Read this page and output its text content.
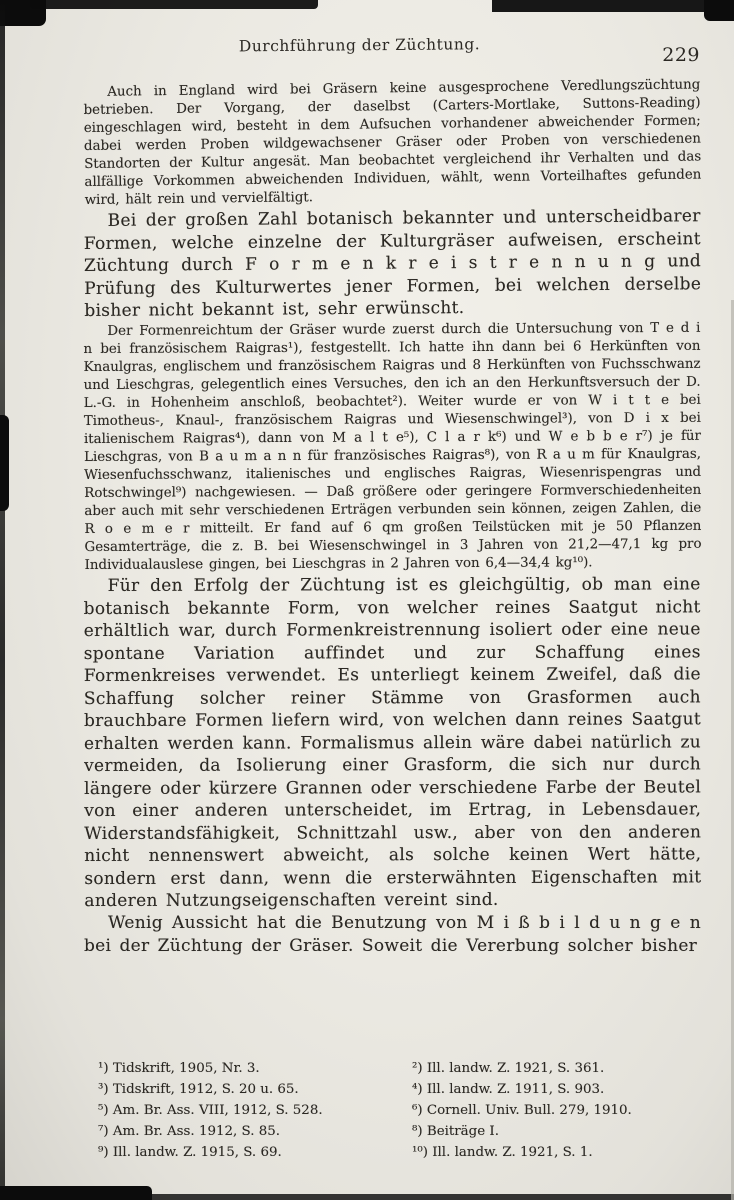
Durchführung der Züchtung.	229

Auch in England wird bei Gräsern keine ausgesprochene Veredlungszüchtung betrieben. Der Vorgang, der daselbst (Carters-Mortlake, Suttons-Reading) eingeschlagen wird, besteht in dem Aufsuchen vorhandener abweichender Formen; dabei werden Proben wildgewachsener Gräser oder Proben von verschiedenen Standorten der Kultur angesät. Man beobachtet vergleichend ihr Verhalten und das allfällige Vorkommen abweichenden Individuen, wählt, wenn Vorteilhaftes gefunden wird, hält rein und vervielfältigt.

Bei der großen Zahl botanisch bekannter und unterscheidbarer Formen, welche einzelne der Kulturgräser aufweisen, erscheint Züchtung durch F o r m e n k r e i s t r e n n u n g und Prüfung des Kulturwertes jener Formen, bei welchen derselbe bisher nicht bekannt ist, sehr erwünscht.

Der Formenreichtum der Gräser wurde zuerst durch die Untersuchung von T e d i n bei französischem Raigras¹), festgestellt. Ich hatte ihn dann bei 6 Herkünften von Knaulgras, englischem und französischem Raigras und 8 Herkünften von Fuchsschwanz und Lieschgras, gelegentlich eines Versuches, den ich an den Herkunftsversuch der D. L.-G. in Hohenheim anschloß, beobachtet²). Weiter wurde er von W i t t e bei Timotheus-, Knaul-, französischem Raigras und Wiesenschwingel³), von D i x bei italienischem Raigras⁴), dann von M a l t e⁵), C l a r k⁶) und W e b b e r⁷) je für Lieschgras, von B a u m a n n für französisches Raigras⁸), von R a u m für Knaulgras, Wiesenfuchsschwanz, italienisches und englisches Raigras, Wiesenrispengras und Rotschwingel⁹) nachgewiesen. — Daß größere oder geringere Formverschiedenheiten aber auch mit sehr verschiedenen Erträgen verbunden sein können, zeigen Zahlen, die R o e m e r mitteilt. Er fand auf 6 qm großen Teilstücken mit je 50 Pflanzen Gesamterträge, die z. B. bei Wiesenschwingel in 3 Jahren von 21,2—47,1 kg pro Individualauslese gingen, bei Lieschgras in 2 Jahren von 6,4—34,4 kg¹⁰).

Für den Erfolg der Züchtung ist es gleichgültig, ob man eine botanisch bekannte Form, von welcher reines Saatgut nicht erhältlich war, durch Formenkreistrennung isoliert oder eine neue spontane Variation auffindet und zur Schaffung eines Formenkreises verwendet. Es unterliegt keinem Zweifel, daß die Schaffung solcher reiner Stämme von Grasformen auch brauchbare Formen liefern wird, von welchen dann reines Saatgut erhalten werden kann. Formalismus allein wäre dabei natürlich zu vermeiden, da Isolierung einer Grasform, die sich nur durch längere oder kürzere Grannen oder verschiedene Farbe der Beutel von einer anderen unterscheidet, im Ertrag, in Lebensdauer, Widerstandsfähigkeit, Schnittzahl usw., aber von den anderen nicht nennenswert abweicht, als solche keinen Wert hätte, sondern erst dann, wenn die ersterwähnten Eigenschaften mit anderen Nutzungseigenschaften vereint sind.

Wenig Aussicht hat die Benutzung von M i ß b i l d u n g e n bei der Züchtung der Gräser. Soweit die Vererbung solcher bisher

¹) Tidskrift, 1905, Nr. 3.	²) Ill. landw. Z. 1921, S. 361.
³) Tidskrift, 1912, S. 20 u. 65.	⁴) Ill. landw. Z. 1911, S. 903.
⁵) Am. Br. Ass. VIII, 1912, S. 528.	⁶) Cornell. Univ. Bull. 279, 1910.
⁷) Am. Br. Ass. 1912, S. 85.	⁸) Beiträge I.
⁹) Ill. landw. Z. 1915, S. 69.	¹⁰) Ill. landw. Z. 1921, S. 1.
